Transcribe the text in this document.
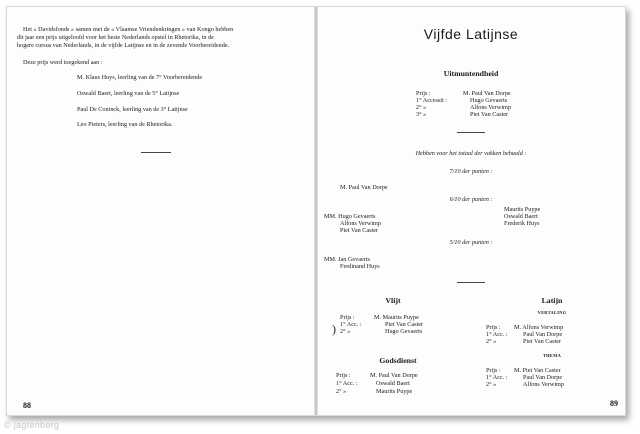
Het « Davidsfonds » samen met de « Vlaamse Vriendenkringen » van Kongo hebben
dit jaar een prijs uitgeloofd voor het beste Nederlands opstel in Rhetorika, in de
hogere cursus van Nederlands, in de vijfde Latijnse en in de zevende Voorbereidende.
Deze prijs werd toegekend aan :
M. Klaus Huys, leerling van de 7° Voorbereidende
Oswald Baert, leerling van de 5° Latijnse
Paul De Coninck, leerling van de 3° Latijnse
Leo Pieters, leerling van de Rhetorika.
88
Vijfde Latijnse
Uitmuntendheid
Prijs :	M. Paul Van Dorpe
1° Accessit :	Hugo Gevaerts
2° »	Alfons Verwimp
3° »	Piet Van Caster
Hebben voor het totaal der vakken behaald :
7/10 der punten :
M. Paul Van Dorpe
6/10 der punten :
MM. Hugo Gevaerts
Alfons Verwimp
Piet Van Caster
Maurits Puype
Oswald Baert
Frederik Huys
5/10 der punten :
MM. Jan Gevaerts
Ferdinand Huys
Vlijt
Prijs :	M. Maurits Puype
1° Acc. :	Piet Van Caster
) 2° »	Hugo Gevaerts
Godsdienst
Prijs :	M. Paul Van Dorpe
1° Acc. :	Oswald Baert
2° »	Maurits Puype
Latijn
VERTALING
Prijs : M. Alfons Verwimp
1° Acc. : Paul Van Dorpe
2° »	Piet Van Caster
THEMA
Prijs : M. Piet Van Caster
1° Acc. : Paul Van Dorpe
2° »	Alfons Verwimp
89
© jagtenberg
